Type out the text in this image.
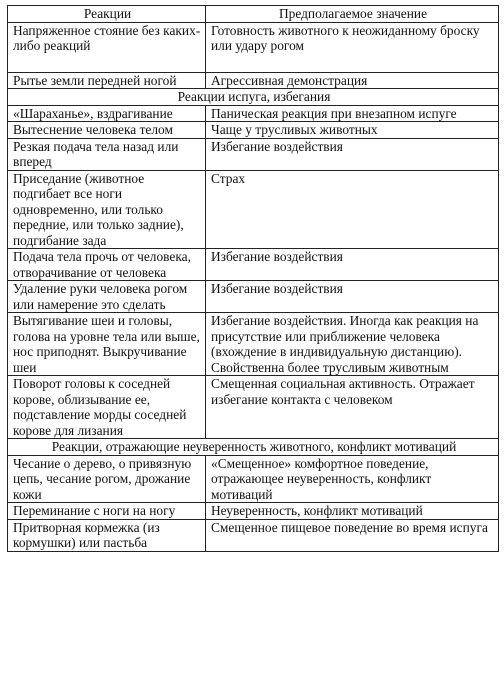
Реакции	Предполагаемое значение
Напряженное стояние без каких-либо реакций	Готовность животного к неожиданному броску или удару рогом
Рытье земли передней ногой	Агрессивная демонстрация
Реакции испуга, избегания	
«Шараханье», вздрагивание	Паническая реакция при внезапном испуге
Вытеснение человека телом	Чаще у трусливых животных
Резкая подача тела назад или вперед	Избегание воздействия
Приседание (животное подгибает все ноги одновременно, или только передние, или только задние), подгибание зада	Страх
Подача тела прочь от человека, отворачивание от человека	Избегание воздействия
Удаление руки человека рогом или намерение это сделать	Избегание воздействия
Вытягивание шеи и головы, голова на уровне тела или выше, нос приподнят. Выкручивание шеи	Избегание воздействия. Иногда как реакция на присутствие или приближение человека (вхождение в индивидуальную дистанцию). Свойственна более трусливым животным
Поворот головы к соседней корове, облизывание ее, подставление морды соседней корове для лизания	Смещенная социальная активность. Отражает избегание контакта с человеком
Реакции, отражающие неуверенность животного, конфликт мотиваций	
Чесание о дерево, о привязную цепь, чесание рогом, дрожание кожи	«Смещенное» комфортное поведение, отражающее неуверенность, конфликт мотиваций
Переминание с ноги на ногу	Неуверенность, конфликт мотиваций
Притворная кормежка (из кормушки) или пастьба	Смещенное пищевое поведение во время испуга
